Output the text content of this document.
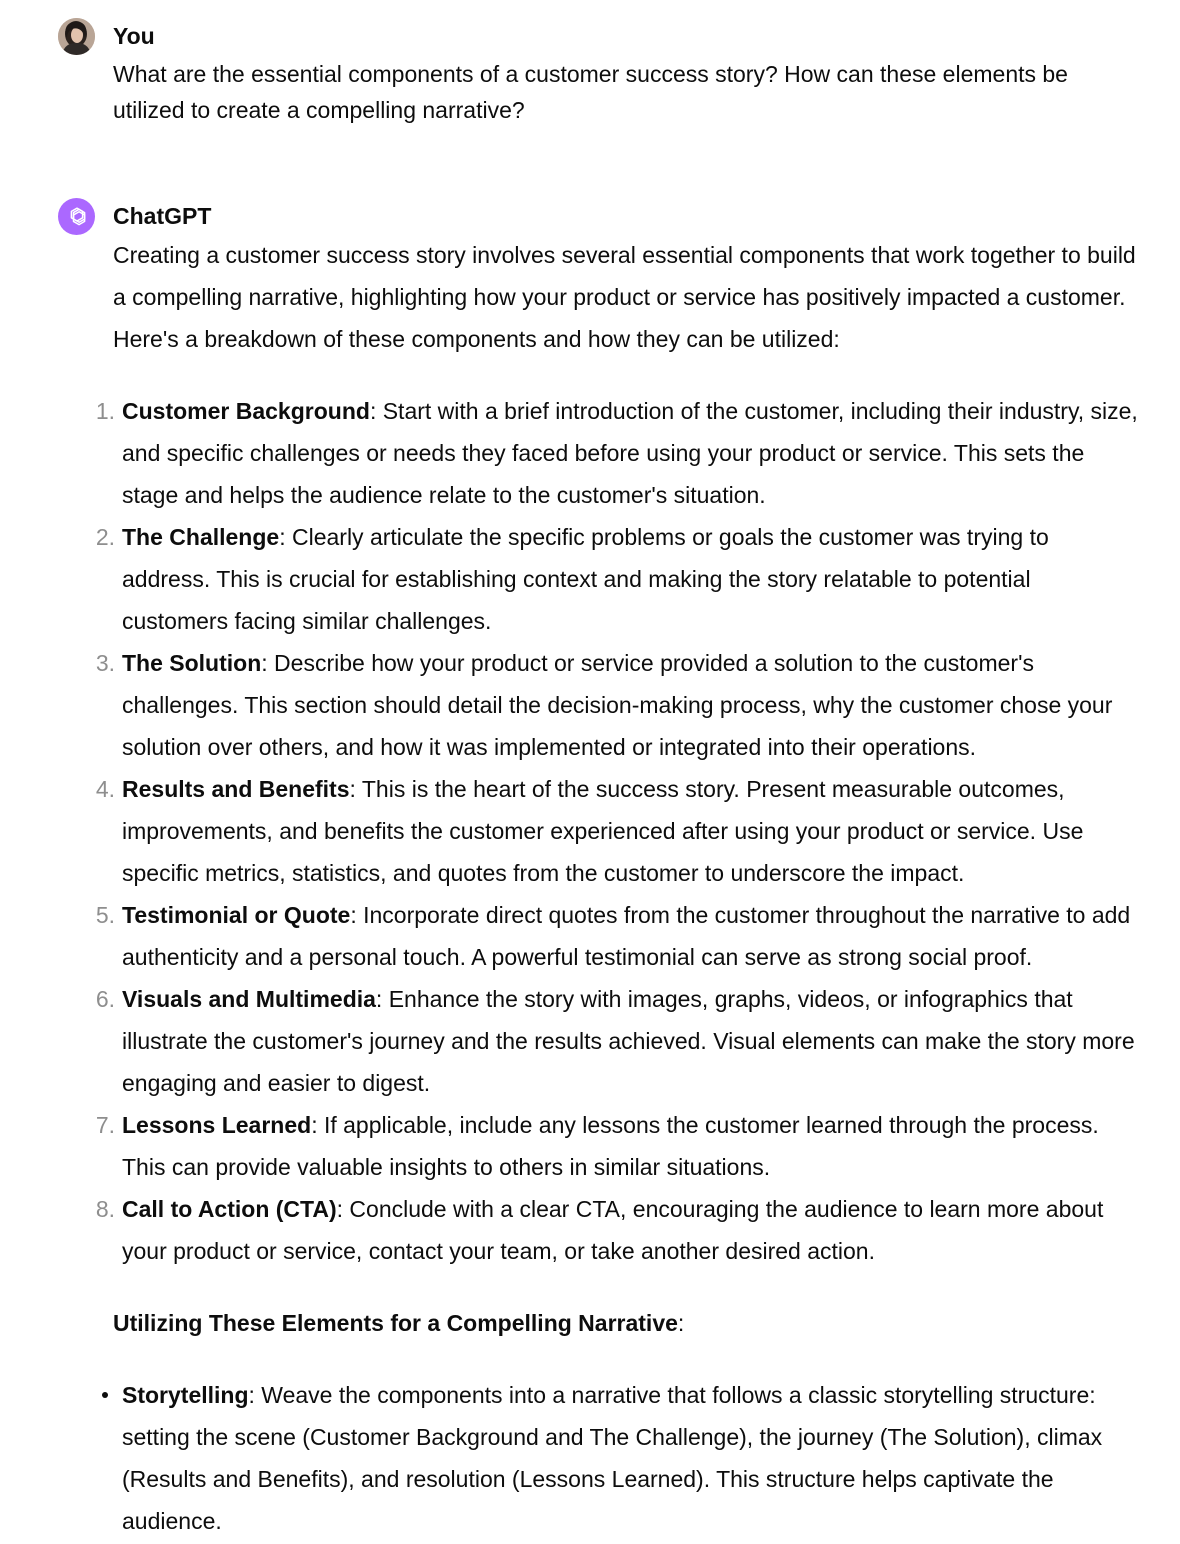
You

What are the essential components of a customer success story? How can these elements be utilized to create a compelling narrative?

ChatGPT

Creating a customer success story involves several essential components that work together to build a compelling narrative, highlighting how your product or service has positively impacted a customer. Here's a breakdown of these components and how they can be utilized:

1. Customer Background: Start with a brief introduction of the customer, including their industry, size, and specific challenges or needs they faced before using your product or service. This sets the stage and helps the audience relate to the customer's situation.
2. The Challenge: Clearly articulate the specific problems or goals the customer was trying to address. This is crucial for establishing context and making the story relatable to potential customers facing similar challenges.
3. The Solution: Describe how your product or service provided a solution to the customer's challenges. This section should detail the decision-making process, why the customer chose your solution over others, and how it was implemented or integrated into their operations.
4. Results and Benefits: This is the heart of the success story. Present measurable outcomes, improvements, and benefits the customer experienced after using your product or service. Use specific metrics, statistics, and quotes from the customer to underscore the impact.
5. Testimonial or Quote: Incorporate direct quotes from the customer throughout the narrative to add authenticity and a personal touch. A powerful testimonial can serve as strong social proof.
6. Visuals and Multimedia: Enhance the story with images, graphs, videos, or infographics that illustrate the customer's journey and the results achieved. Visual elements can make the story more engaging and easier to digest.
7. Lessons Learned: If applicable, include any lessons the customer learned through the process. This can provide valuable insights to others in similar situations.
8. Call to Action (CTA): Conclude with a clear CTA, encouraging the audience to learn more about your product or service, contact your team, or take another desired action.

Utilizing These Elements for a Compelling Narrative:

Storytelling: Weave the components into a narrative that follows a classic storytelling structure: setting the scene (Customer Background and The Challenge), the journey (The Solution), climax (Results and Benefits), and resolution (Lessons Learned). This structure helps captivate the audience.
